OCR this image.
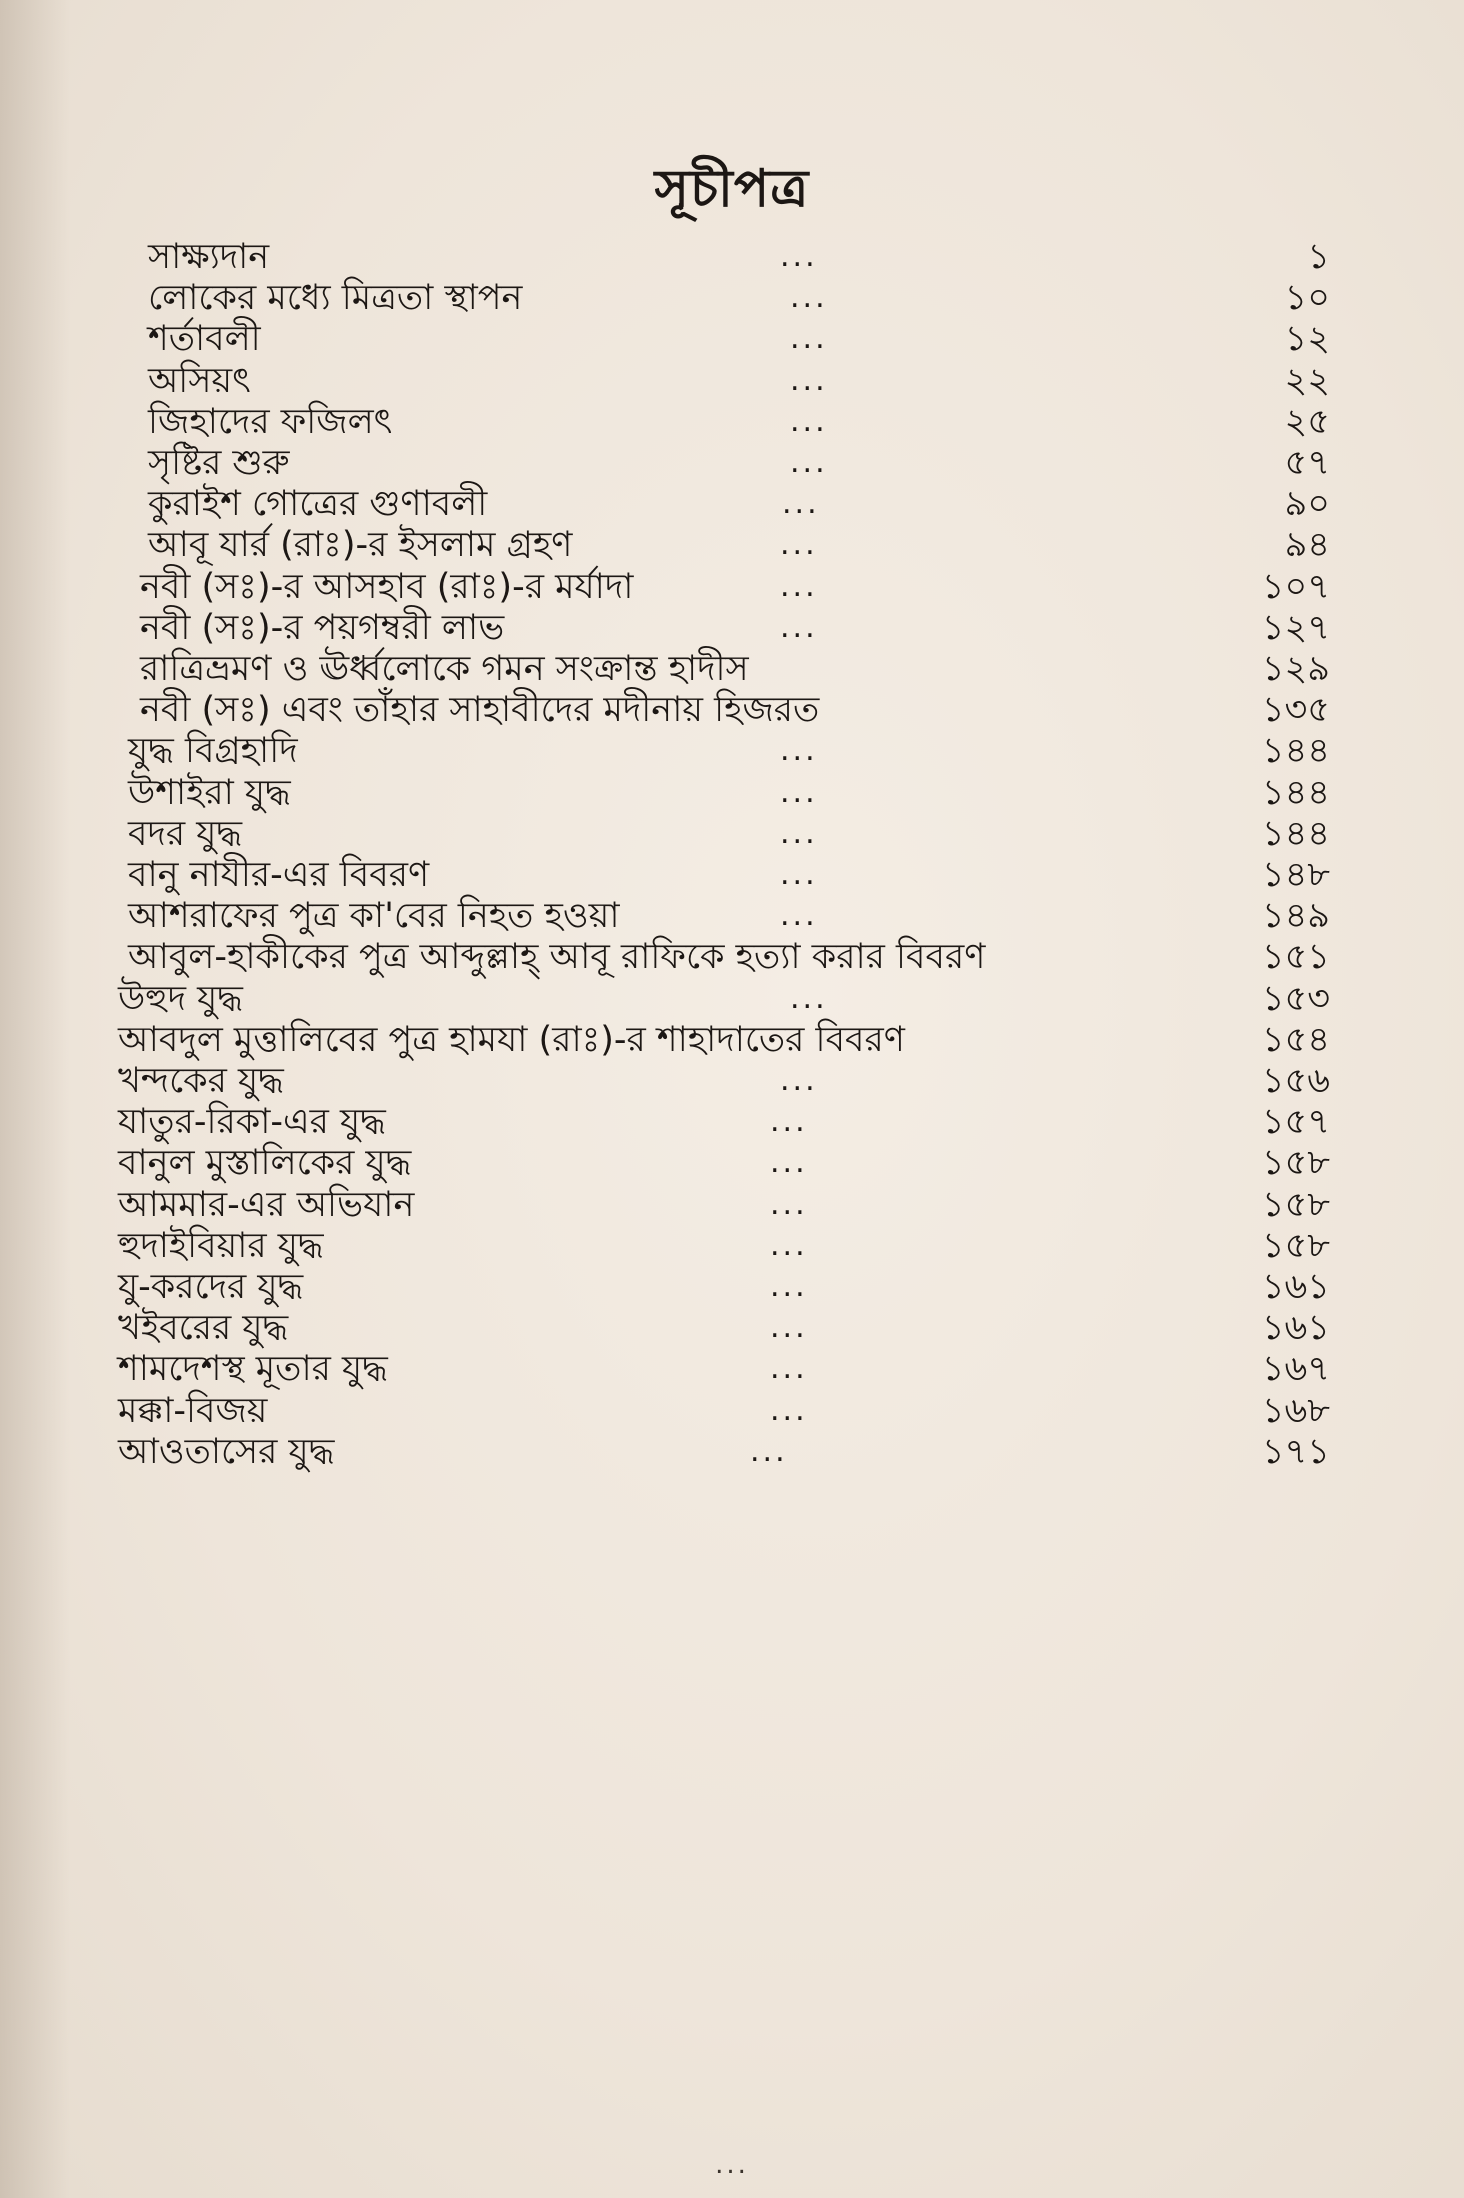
সূচীপত্র
সাক্ষ্যদান	...	১
লোকের মধ্যে মিত্রতা স্থাপন	...	১০
শর্তাবলী	...	১২
অসিয়ৎ	...	২২
জিহাদের ফজিলৎ	...	২৫
সৃষ্টির শুরু	...	৫৭
কুরাইশ গোত্রের গুণাবলী	...	৯০
আবূ যার্র (রাঃ)-র ইসলাম গ্রহণ	...	৯৪
নবী (সঃ)-র আসহাব (রাঃ)-র মর্যাদা	...	১০৭
নবী (সঃ)-র পয়গম্বরী লাভ	...	১২৭
রাত্রিভ্রমণ ও ঊর্ধ্বলোকে গমন সংক্রান্ত হাদীস	১২৯
নবী (সঃ) এবং তাঁহার সাহাবীদের মদীনায় হিজরত	১৩৫
যুদ্ধ বিগ্রহাদি	...	১৪৪
উশাইরা যুদ্ধ	...	১৪৪
বদর যুদ্ধ	...	১৪৪
বানু নাযীর-এর বিবরণ	...	১৪৮
আশরাফের পুত্র কা'বের নিহত হওয়া	...	১৪৯
আবুল-হাকীকের পুত্র আব্দুল্লাহ্ আবূ রাফিকে হত্যা করার বিবরণ	১৫১
উহুদ যুদ্ধ	...	১৫৩
আবদুল মুত্তালিবের পুত্র হামযা (রাঃ)-র শাহাদাতের বিবরণ	১৫৪
খন্দকের যুদ্ধ	...	১৫৬
যাতুর-রিকা-এর যুদ্ধ	...	১৫৭
বানুল মুস্তালিকের যুদ্ধ	...	১৫৮
আমমার-এর অভিযান	...	১৫৮
হুদাইবিয়ার যুদ্ধ	...	১৫৮
যু-করদের যুদ্ধ	...	১৬১
খইবরের যুদ্ধ	...	১৬১
শামদেশস্থ মূতার যুদ্ধ	...	১৬৭
মক্কা-বিজয়	...	১৬৮
আওতাসের যুদ্ধ	...	১৭১
...
